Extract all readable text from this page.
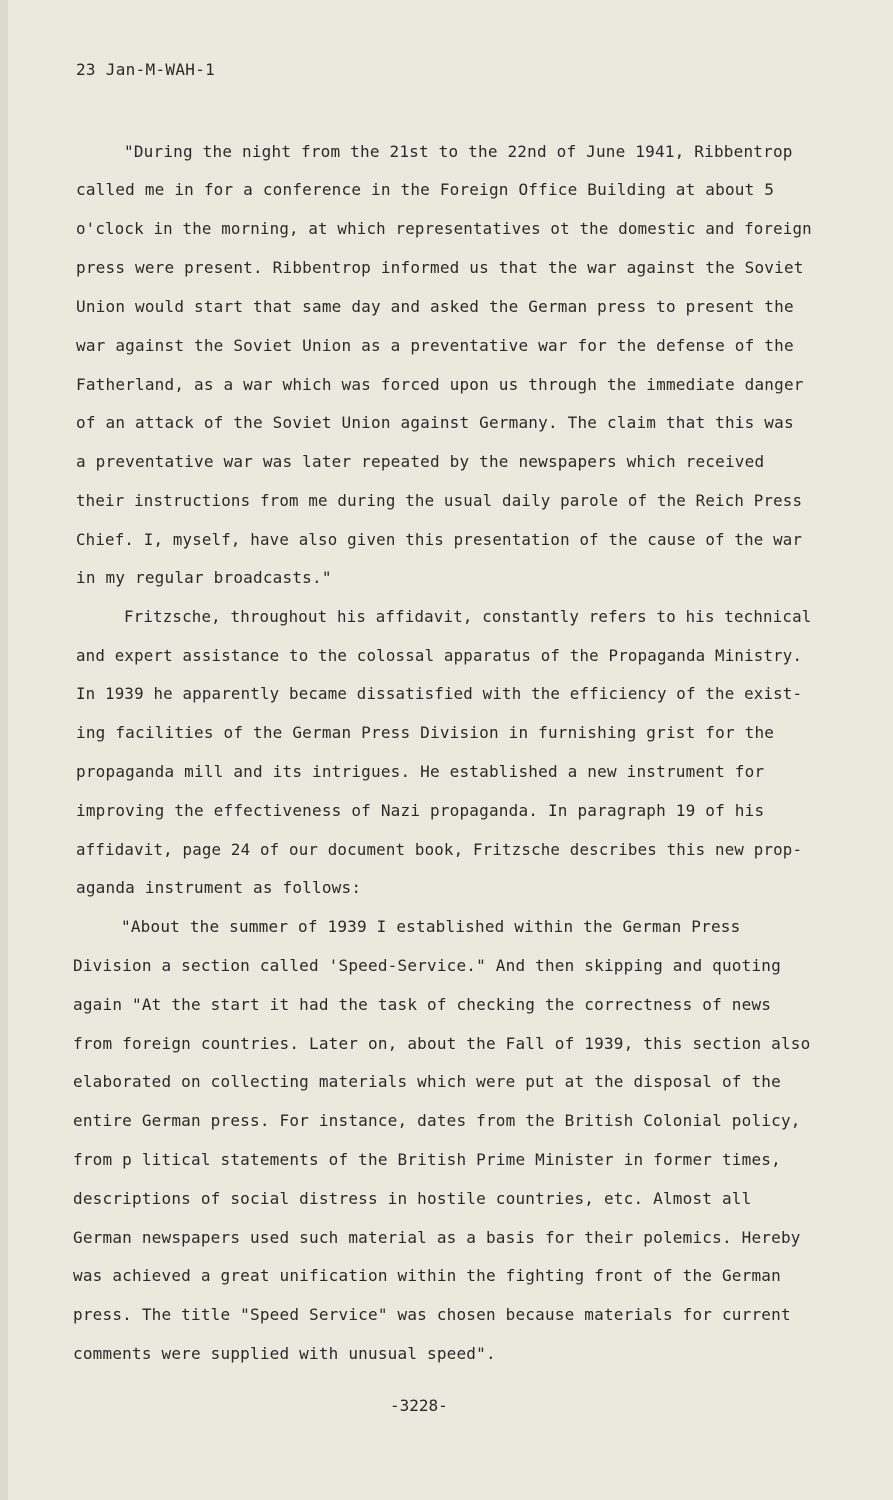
23 Jan-M-WAH-1
"During the night from the 21st to the 22nd of June 1941, Ribbentrop
called me in for a conference in the Foreign Office Building at about 5
o'clock in the morning, at which representatives ot the domestic and foreign
press were present. Ribbentrop informed us that the war against the Soviet
Union would start that same day and asked the German press to present the
war against the Soviet Union as a preventative war for the defense of the
Fatherland, as a war which was forced upon us through the immediate danger
of an attack of the Soviet Union against Germany. The claim that this was
a preventative war was later repeated by the newspapers which received
their instructions from me during the usual daily parole of the Reich Press
Chief. I, myself, have also given this presentation of the cause of the war
in my regular broadcasts."
Fritzsche, throughout his affidavit, constantly refers to his technical
and expert assistance to the colossal apparatus of the Propaganda Ministry.
In 1939 he apparently became dissatisfied with the efficiency of the exist-
ing facilities of the German Press Division in furnishing grist for the
propaganda mill and its intrigues. He established a new instrument for
improving the effectiveness of Nazi propaganda. In paragraph 19 of his
affidavit, page 24 of our document book, Fritzsche describes this new prop-
aganda instrument as follows:
"About the summer of 1939 I established within the German Press
Division a section called 'Speed-Service." And then skipping and quoting
again "At the start it had the task of checking the correctness of news
from foreign countries. Later on, about the Fall of 1939, this section also
elaborated on collecting materials which were put at the disposal of the
entire German press. For instance, dates from the British Colonial policy,
from p litical statements of the British Prime Minister in former times,
descriptions of social distress in hostile countries, etc. Almost all
German newspapers used such material as a basis for their polemics. Hereby
was achieved a great unification within the fighting front of the German
press. The title "Speed Service" was chosen because materials for current
comments were supplied with unusual speed".
-3228-
